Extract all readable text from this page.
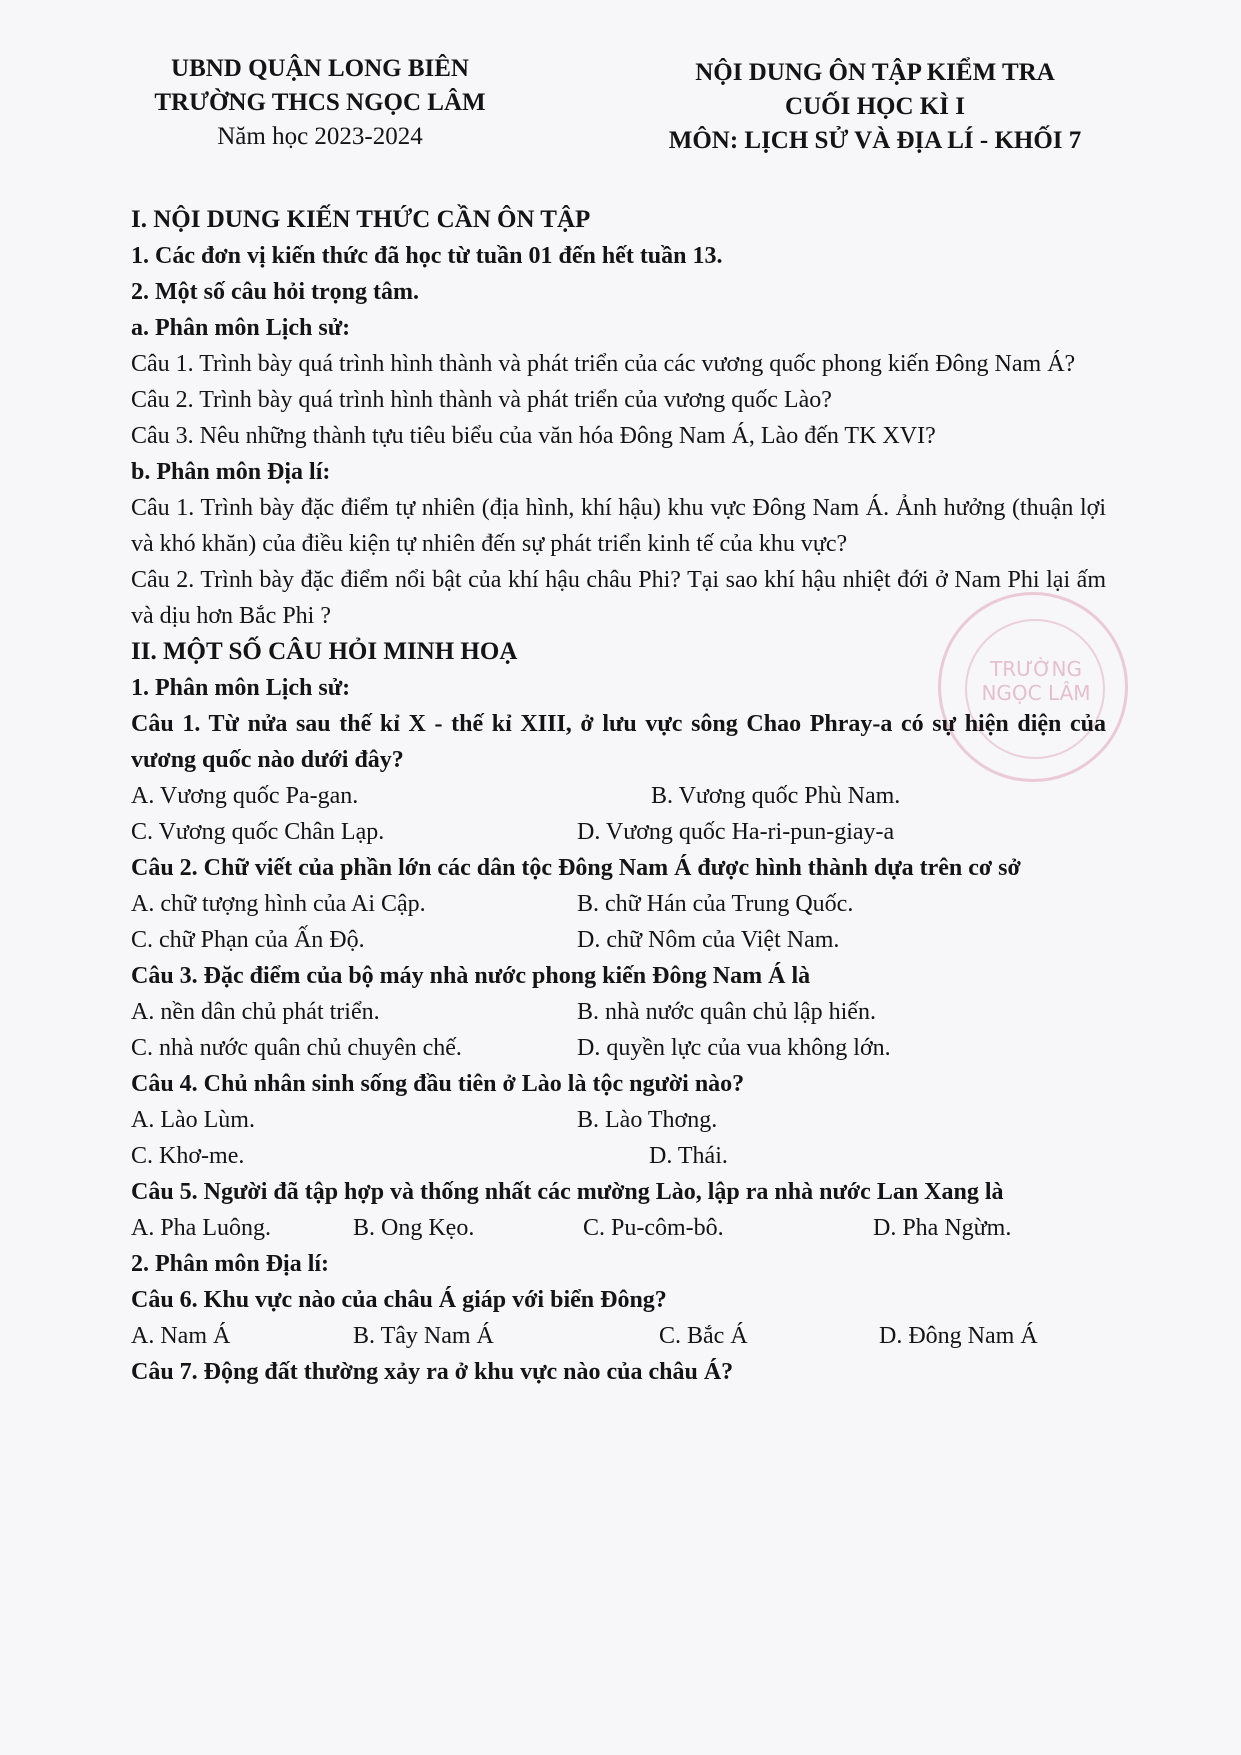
UBND QUẬN LONG BIÊN
TRƯỜNG THCS NGỌC LÂM
Năm học 2023-2024
NỘI DUNG ÔN TẬP KIỂM TRA
CUỐI HỌC KÌ I
MÔN: LỊCH SỬ VÀ ĐỊA LÍ - KHỐI 7
TRƯỜNG
NGỌC LÂM

I. NỘI DUNG KIẾN THỨC CẦN ÔN TẬP

1. Các đơn vị kiến thức đã học từ tuần 01 đến hết tuần 13.

2. Một số câu hỏi trọng tâm.

a. Phân môn Lịch sử:

Câu 1. Trình bày quá trình hình thành và phát triển của các vương quốc phong kiến Đông Nam Á?

Câu 2. Trình bày quá trình hình thành và phát triển của vương quốc Lào?

Câu 3. Nêu những thành tựu tiêu biểu của văn hóa Đông Nam Á, Lào đến TK XVI?

b. Phân môn Địa lí:

Câu 1. Trình bày đặc điểm tự nhiên (địa hình, khí hậu) khu vực Đông Nam Á. Ảnh hưởng (thuận lợi và khó khăn) của điều kiện tự nhiên đến sự phát triển kinh tế của khu vực?

Câu 2. Trình bày đặc điểm nổi bật của khí hậu châu Phi? Tại sao khí hậu nhiệt đới ở Nam Phi lại ấm và dịu hơn Bắc Phi ?

II. MỘT SỐ CÂU HỎI MINH HOẠ

1. Phân môn Lịch sử:

Câu 1. Từ nửa sau thế kỉ X - thế kỉ XIII, ở lưu vực sông Chao Phray-a có sự hiện diện của vương quốc nào dưới đây?

A. Vương quốc Pa-gan.	B. Vương quốc Phù Nam.
C. Vương quốc Chân Lạp.	D. Vương quốc Ha-ri-pun-giay-a

Câu 2. Chữ viết của phần lớn các dân tộc Đông Nam Á được hình thành dựa trên cơ sở

A. chữ tượng hình của Ai Cập.	B. chữ Hán của Trung Quốc.
C. chữ Phạn của Ấn Độ.	D. chữ Nôm của Việt Nam.

Câu 3. Đặc điểm của bộ máy nhà nước phong kiến Đông Nam Á là

A. nền dân chủ phát triển.	B. nhà nước quân chủ lập hiến.
C. nhà nước quân chủ chuyên chế.	D. quyền lực của vua không lớn.

Câu 4. Chủ nhân sinh sống đầu tiên ở Lào là tộc người nào?

A. Lào Lùm.	B. Lào Thơng.
C. Khơ-me.	D. Thái.

Câu 5. Người đã tập hợp và thống nhất các mường Lào, lập ra nhà nước Lan Xang là

A. Pha Luông.	B. Ong Kẹo.	C. Pu-côm-bô.	D. Pha Ngừm.

2. Phân môn Địa lí:

Câu 6. Khu vực nào của châu Á giáp với biển Đông?

A. Nam Á	B. Tây Nam Á	C. Bắc Á	D. Đông Nam Á

Câu 7. Động đất thường xảy ra ở khu vực nào của châu Á?
